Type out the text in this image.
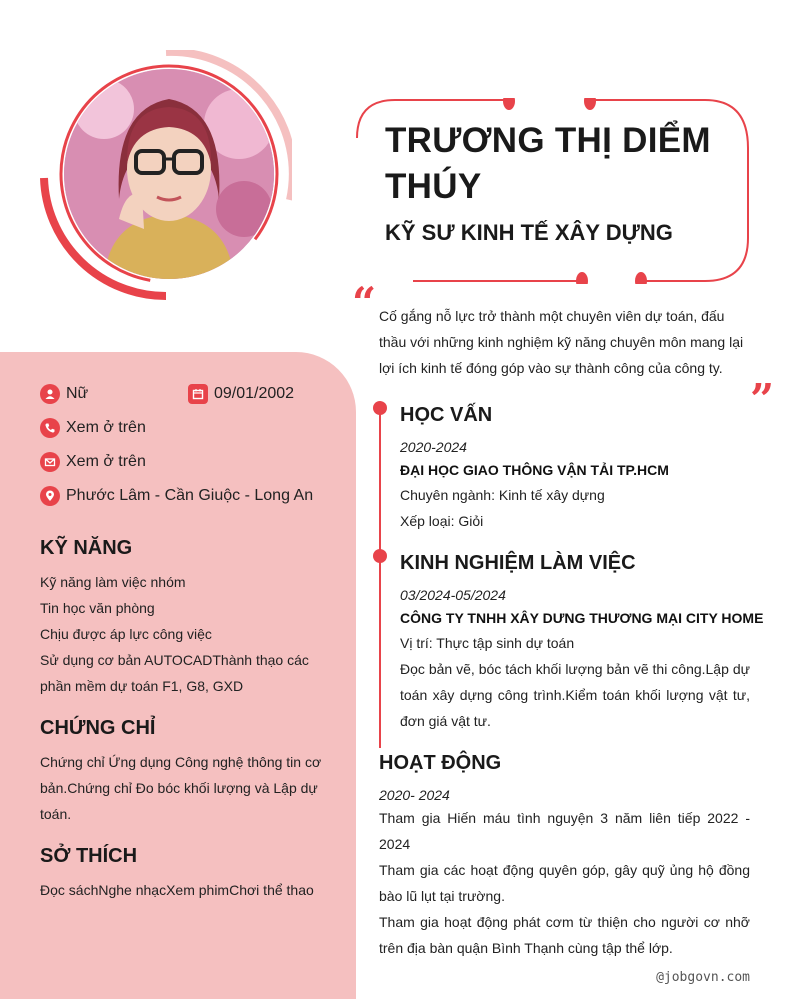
TRƯƠNG THỊ DIỂM THÚY
KỸ SƯ KINH TẾ XÂY DỰNG
“
”
Cố gắng nỗ lực trở thành một chuyên viên dự toán, đấu thầu với những kinh nghiệm kỹ năng chuyên môn mang lại lợi ích kinh tế đóng góp vào sự thành công của công ty.
Nữ	09/01/2002
Xem ở trên
Xem ở trên
Phước Lâm - Cần Giuộc - Long An
KỸ NĂNG
Kỹ năng làm việc nhóm
Tin học văn phòng
Chịu được áp lực công việc
Sử dụng cơ bản AUTOCADThành thạo các phần mềm dự toán F1, G8, GXD
CHỨNG CHỈ
Chứng chỉ Ứng dụng Công nghệ thông tin cơ bản.Chứng chỉ Đo bóc khối lượng và Lập dự toán.
SỞ THÍCH
Đọc sáchNghe nhạcXem phimChơi thể thao
HỌC VẤN
2020-2024
ĐẠI HỌC GIAO THÔNG VẬN TẢI TP.HCM
Chuyên ngành: Kinh tế xây dựng
Xếp loại: Giỏi
KINH NGHIỆM LÀM VIỆC
03/2024-05/2024
CÔNG TY TNHH XÂY DƯNG THƯƠNG MẠI CITY HOME
Vị trí: Thực tập sinh dự toán
Đọc bản vẽ, bóc tách khối lượng bản vẽ thi công.Lập dự toán xây dựng công trình.Kiểm toán khối lượng vật tư, đơn giá vật tư.
HOẠT ĐỘNG
2020- 2024
Tham gia Hiến máu tình nguyện 3 năm liên tiếp 2022 - 2024
Tham gia các hoạt động quyên góp, gây quỹ ủng hộ đồng bào lũ lụt tại trường.
Tham gia hoạt động phát cơm từ thiện cho người cơ nhỡ trên địa bàn quận Bình Thạnh cùng tập thể lớp.
@jobgovn.com
